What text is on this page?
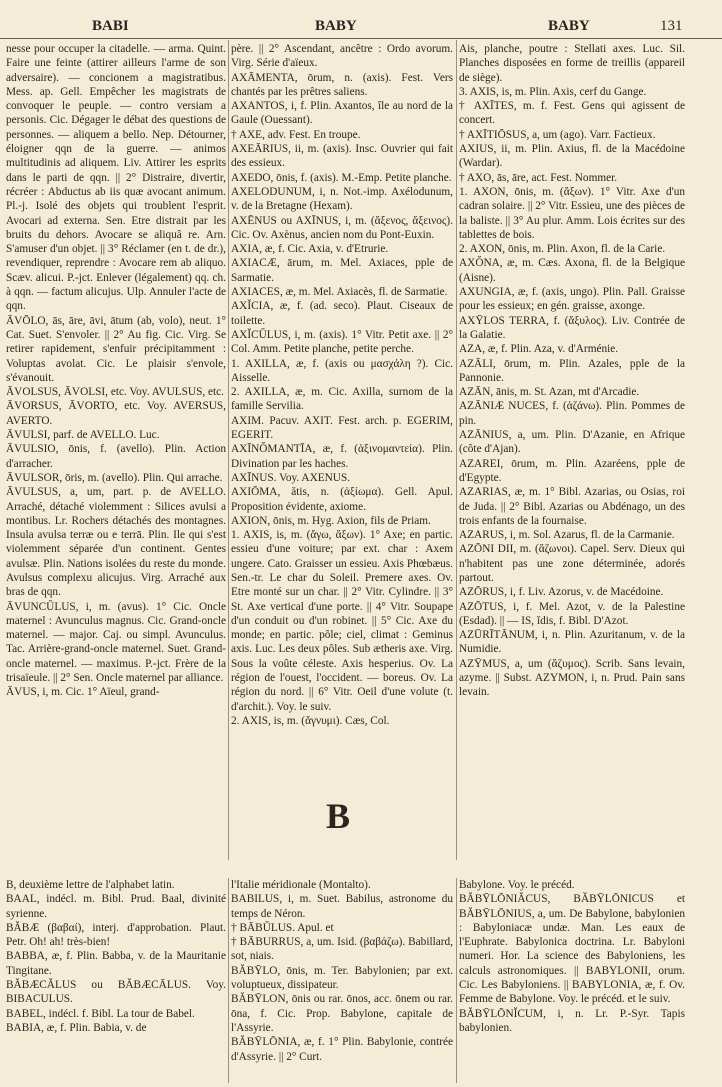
BABI	BABY	BABY	131

nesse pour occuper la citadelle. — arma. Quint. Faire une feinte (attirer ailleurs l'arme de son adversaire). — concionem a magistratibus. Mess. ap. Gell. Empêcher les magistrats de convoquer le peuple. — contro versiam a personis. Cic. Dégager le débat des questions de personnes. — aliquem a bello. Nep. Détourner, éloigner qqn de la guerre. — animos multitudinis ad aliquem. Liv. Attirer les esprits dans le parti de qqn. || 2° Distraire, divertir, récréer : Abductus ab iis quæ avocant animum. Pl.-j. Isolé des objets qui troublent l'esprit. Avocari ad externa. Sen. Etre distrait par les bruits du dehors. Avocare se aliquâ re. Arn. S'amuser d'un objet. || 3° Réclamer (en t. de dr.), revendiquer, reprendre : Avocare rem ab aliquo. Scæv. alicui. P.-jct. Enlever (légalement) qq. ch. à qqn. — factum alicujus. Ulp. Annuler l'acte de qqn.

ĀVŌLO, ās, āre, āvi, ātum (ab, volo), neut. 1° Cat. Suet. S'envoler. || 2° Au fig. Cic. Virg. Se retirer rapidement, s'enfuir précipitamment : Voluptas avolat. Cic. Le plaisir s'envole, s'évanouit.

ĀVOLSUS, ĀVOLSI, etc. Voy. AVULSUS, etc.

ĀVORSUS, ĀVORTO, etc. Voy. AVERSUS, AVERTO.

ĀVULSI, parf. de AVELLO. Luc.

ĀVULSIO, ōnis, f. (avello). Plin. Action d'arracher.

ĀVULSOR, ōris, m. (avello). Plin. Qui arrache.

ĀVULSUS, a, um, part. p. de AVELLO. Arraché, détaché violemment : Silices avulsi a montibus. Lr. Rochers détachés des montagnes. Insula avulsa terræ ou e terrā. Plin. Ile qui s'est violemment séparée d'un continent. Gentes avulsæ. Plin. Nations isolées du reste du monde. Avulsus complexu alicujus. Virg. Arraché aux bras de qqn.

ĀVUNCŬLUS, i, m. (avus). 1° Cic. Oncle maternel : Avunculus magnus. Cic. Grand-oncle maternel. — major. Caj. ou simpl. Avunculus. Tac. Arrière-grand-oncle maternel. Suet. Grand-oncle maternel. — maximus. P.-jct. Frère de la trisaïeule. || 2° Sen. Oncle maternel par alliance.

ĀVUS, i, m. Cic. 1° Aïeul, grand-

père. || 2° Ascendant, ancêtre : Ordo avorum. Virg. Série d'aïeux.

AXĀMENTA, ōrum, n. (axis). Fest. Vers chantés par les prêtres saliens.

AXANTOS, i, f. Plin. Axantos, île au nord de la Gaule (Ouessant).

† AXE, adv. Fest. En troupe.

AXEĀRIUS, ii, m. (axis). Insc. Ouvrier qui fait des essieux.

AXEDO, ōnis, f. (axis). M.-Emp. Petite planche.

AXELODUNUM, i, n. Not.-imp. Axélodunum, v. de la Bretagne (Hexam).

AXĒNUS ou AXĪNUS, i, m. (ἄξενος, ἄξεινος). Cic. Ov. Axènus, ancien nom du Pont-Euxin.

AXIA, æ, f. Cic. Axia, v. d'Etrurie.

AXIACÆ, ārum, m. Mel. Axiaces, pple de Sarmatie.

AXIACES, æ, m. Mel. Axiacès, fl. de Sarmatie.

AXĬCIA, æ, f. (ad. seco). Plaut. Ciseaux de toilette.

AXĬCŬLUS, i, m. (axis). 1° Vitr. Petit axe. || 2° Col. Amm. Petite planche, petite perche.

1. AXILLA, æ, f. (axis ou μασχάλη ?). Cic. Aisselle.

2. AXILLA, æ, m. Cic. Axilla, surnom de la famille Servilia.

AXIM. Pacuv. AXIT. Fest. arch. p. EGERIM, EGERIT.

AXĪNŎMANTĪA, æ, f. (ἀξινομαντεία). Plin. Divination par les haches.

AXĪNUS. Voy. AXENUS.

AXIŌMA, ătis, n. (ἀξίωμα). Gell. Apul. Proposition évidente, axiome.

AXION, ōnis, m. Hyg. Axion, fils de Priam.

1. AXIS, is, m. (ἄγω, ἄξων). 1° Axe; en partic. essieu d'une voiture; par ext. char : Axem ungere. Cato. Graisser un essieu. Axis Phœbæus. Sen.-tr. Le char du Soleil. Premere axes. Ov. Etre monté sur un char. || 2° Vitr. Cylindre. || 3° St. Axe vertical d'une porte. || 4° Vitr. Soupape d'un conduit ou d'un robinet. || 5° Cic. Axe du monde; en partic. pôle; ciel, climat : Geminus axis. Luc. Les deux pôles. Sub ætheris axe. Virg. Sous la voûte céleste. Axis hesperius. Ov. La région de l'ouest, l'occident. — boreus. Ov. La région du nord. || 6° Vitr. Oeil d'une volute (t. d'archit.). Voy. le suiv.

2. AXIS, is, m. (ἄγνυμι). Cæs, Col.

Ais, planche, poutre : Stellati axes. Luc. Sil. Planches disposées en forme de treillis (appareil de siège).

3. AXIS, is, m. Plin. Axis, cerf du Gange.

† AXĪTES, m. f. Fest. Gens qui agissent de concert.

† AXĪTIŌSUS, a, um (ago). Varr. Factieux.

AXIUS, ii, m. Plin. Axius, fl. de la Macédoine (Wardar).

† AXO, ās, āre, act. Fest. Nommer.

1. AXON, ōnis, m. (ἄξων). 1° Vitr. Axe d'un cadran solaire. || 2° Vitr. Essieu, une des pièces de la baliste. || 3° Au plur. Amm. Lois écrites sur des tablettes de bois.

2. AXON, ōnis, m. Plin. Axon, fl. de la Carie.

AXŎNA, æ, m. Cæs. Axona, fl. de la Belgique (Aisne).

AXUNGIA, æ, f. (axis, ungo). Plin. Pall. Graisse pour les essieux; en gén. graisse, axonge.

AXȲLOS TERRA, f. (ἄξυλος). Liv. Contrée de la Galatie.

AZA, æ, f. Plin. Aza, v. d'Arménie.

AZĀLI, ōrum, m. Plin. Azales, pple de la Pannonie.

AZĀN, ānis, m. St. Azan, mt d'Arcadie.

AZĀNIÆ NUCES, f. (ἀζάνω). Plin. Pommes de pin.

AZĀNIUS, a, um. Plin. D'Azanie, en Afrique (côte d'Ajan).

AZAREI, ōrum, m. Plin. Azaréens, pple de d'Egypte.

AZARIAS, æ, m. 1° Bibl. Azarias, ou Osias, roi de Juda. || 2° Bibl. Azarias ou Abdénago, un des trois enfants de la fournaise.

AZARUS, i, m. Sol. Azarus, fl. de la Carmanie.

AZŌNI DII, m. (ἄζωνοι). Capel. Serv. Dieux qui n'habitent pas une zone déterminée, adorés partout.

AZŌRUS, i, f. Liv. Azorus, v. de Macédoine.

AZŌTUS, i, f. Mel. Azot, v. de la Palestine (Esdad). || — IS, ĭdis, f. Bibl. D'Azot.

AZŪRĪTĀNUM, i, n. Plin. Azuritanum, v. de la Numidie.

AZȲMUS, a, um (ἄζυμος). Scrib. Sans levain, azyme. || Subst. AZYMON, i, n. Prud. Pain sans levain.

B

B, deuxième lettre de l'alphabet latin.

BAAL, indécl. m. Bibl. Prud. Baal, divinité syrienne.

BĂBÆ (βαβαί), interj. d'approbation. Plaut. Petr. Oh! ah! très-bien!

BABBA, æ, f. Plin. Babba, v. de la Mauritanie Tingitane.

BĂBÆCĂLUS ou BĂBÆCĀLUS. Voy. BIBACULUS.

BABEL, indécl. f. Bibl. La tour de Babel.

BABIA, æ, f. Plin. Babia, v. de

l'Italie méridionale (Montalto).

BABILUS, i, m. Suet. Babilus, astronome du temps de Néron.

† BĀBŬLUS. Apul. et

† BĀBURRUS, a, um. Isid. (βαβάζω). Babillard, sot, niais.

BĂBȲLO, ōnis, m. Ter. Babylonien; par ext. voluptueux, dissipateur.

BĂBȲLON, ōnis ou rar. ōnos, acc. ōnem ou rar. ōna, f. Cic. Prop. Babylone, capitale de l'Assyrie.

BĂBȲLŌNIA, æ, f. 1° Plin. Babylonie, contrée d'Assyrie. || 2° Curt.

Babylone. Voy. le précéd.

BĂBȲLŌNIĂCUS, BĂBȲLŌNICUS et BĂBȲLŌNIUS, a, um. De Babylone, babylonien : Babyloniacæ undæ. Man. Les eaux de l'Euphrate. Babylonica doctrina. Lr. Babyloni numeri. Hor. La science des Babyloniens, les calculs astronomiques. || BABYLONII, orum. Cic. Les Babyloniens. || BABYLONIA, æ, f. Ov. Femme de Babylone. Voy. le précéd. et le suiv.

BĂBȲLŌNĬCUM, i, n. Lr. P.-Syr. Tapis babylonien.
